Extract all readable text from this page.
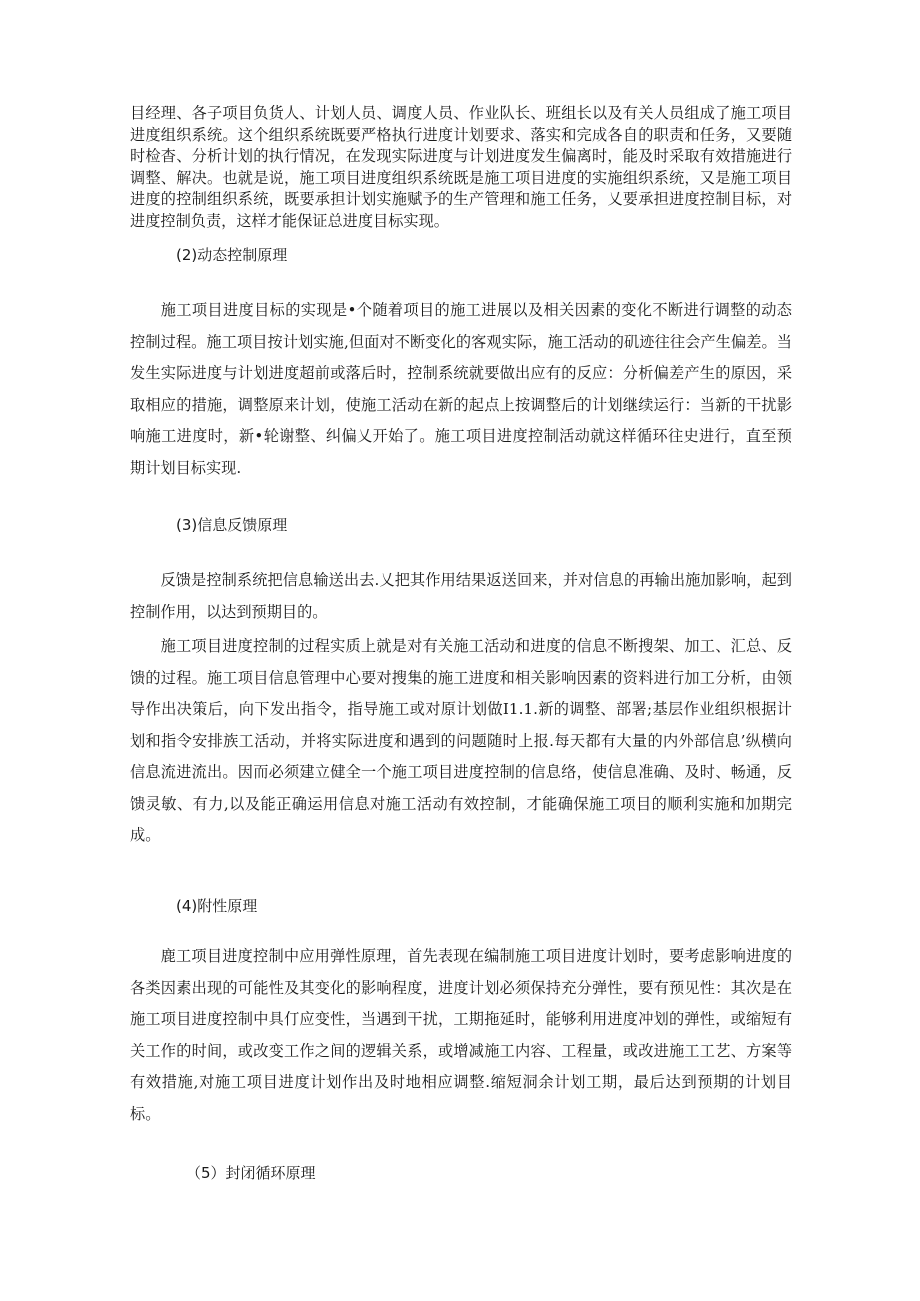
目经理、各子项目负货人、计划人员、调度人员、作业队长、班组长以及有关人员组成了施工项目进度组织系统。这个组织系统既要严格执行进度计划要求、落实和完成各自的职责和任务，又要随时检杳、分析计划的执行情况，在发现实际进度与计划进度发生偏离时，能及时采取有效措施进行调整、解决。也就是说，施工项目进度组织系统既是施工项目进度的实施组织系统，又是施工项目进度的控制组织系统，既要承担计划实施赋予的生产管理和施工任务，乂要承担进度控制目标，对进度控制负责，这样才能保证总进度目标实现。

(2)动态控制原理

施工项目进度目标的实现是•个随着项目的施工进展以及相关因素的变化不断进行调整的动态控制过程。施工项目按计划实施,但面对不断变化的客观实际，施工活动的矶迹往往会产生偏差。当发生实际进度与计划进度超前或落后时，控制系统就要做出应有的反应：分析偏差产生的原因，采取相应的措施，调整原来计划，使施工活动在新的起点上按调整后的计划继续运行：当新的干扰影响施工进度时，新•轮谢整、纠偏乂开始了。施工项目进度控制活动就这样循环往史进行，直至预期计划目标实现.

(3)信息反馈原理

反馈是控制系统把信息输送出去.乂把其作用结果返送回来，并对信息的再输出施加影响，起到控制作用，以达到预期目的。

施工项目进度控制的过程实质上就是对有关施工活动和进度的信息不断搜架、加工、汇总、反馈的过程。施工项目信息管理中心要对搜集的施工进度和相关影响因素的资料进行加工分析，由领导作出决策后，向下发出指令，指导施工或对原计划做I1.1.新的调整、部署;基层作业组织根据计划和指令安排族工活动，并将实际进度和遇到的问题随时上报.每天都有大量的内外部信息’纵横向信息流进流出。因而必须建立健全一个施工项目进度控制的信息络，使信息准确、及时、畅通，反馈灵敏、有力,以及能正确运用信息对施工活动有效控制，才能确保施工项目的顺利实施和加期完成。

(4)附性原理

鹿工项目进度控制中应用弹性原理，首先表现在编制施工项目进度计划时，要考虑影响进度的各类因素出现的可能性及其变化的影响程度，进度计划必须保持充分弹性，要有预见性：其次是在施工项目进度控制中具仃应变性，当遇到干扰，工期拖延时，能够利用进度冲划的弹性，或缩短有关工作的时间，或改变工作之间的逻辑关系，或增减施工内容、工程量，或改进施工工艺、方案等有效措施,对施工项目进度计划作出及时地相应调整.缩短洞余计划工期，最后达到预期的计划目标。

（5）封闭循环原理
